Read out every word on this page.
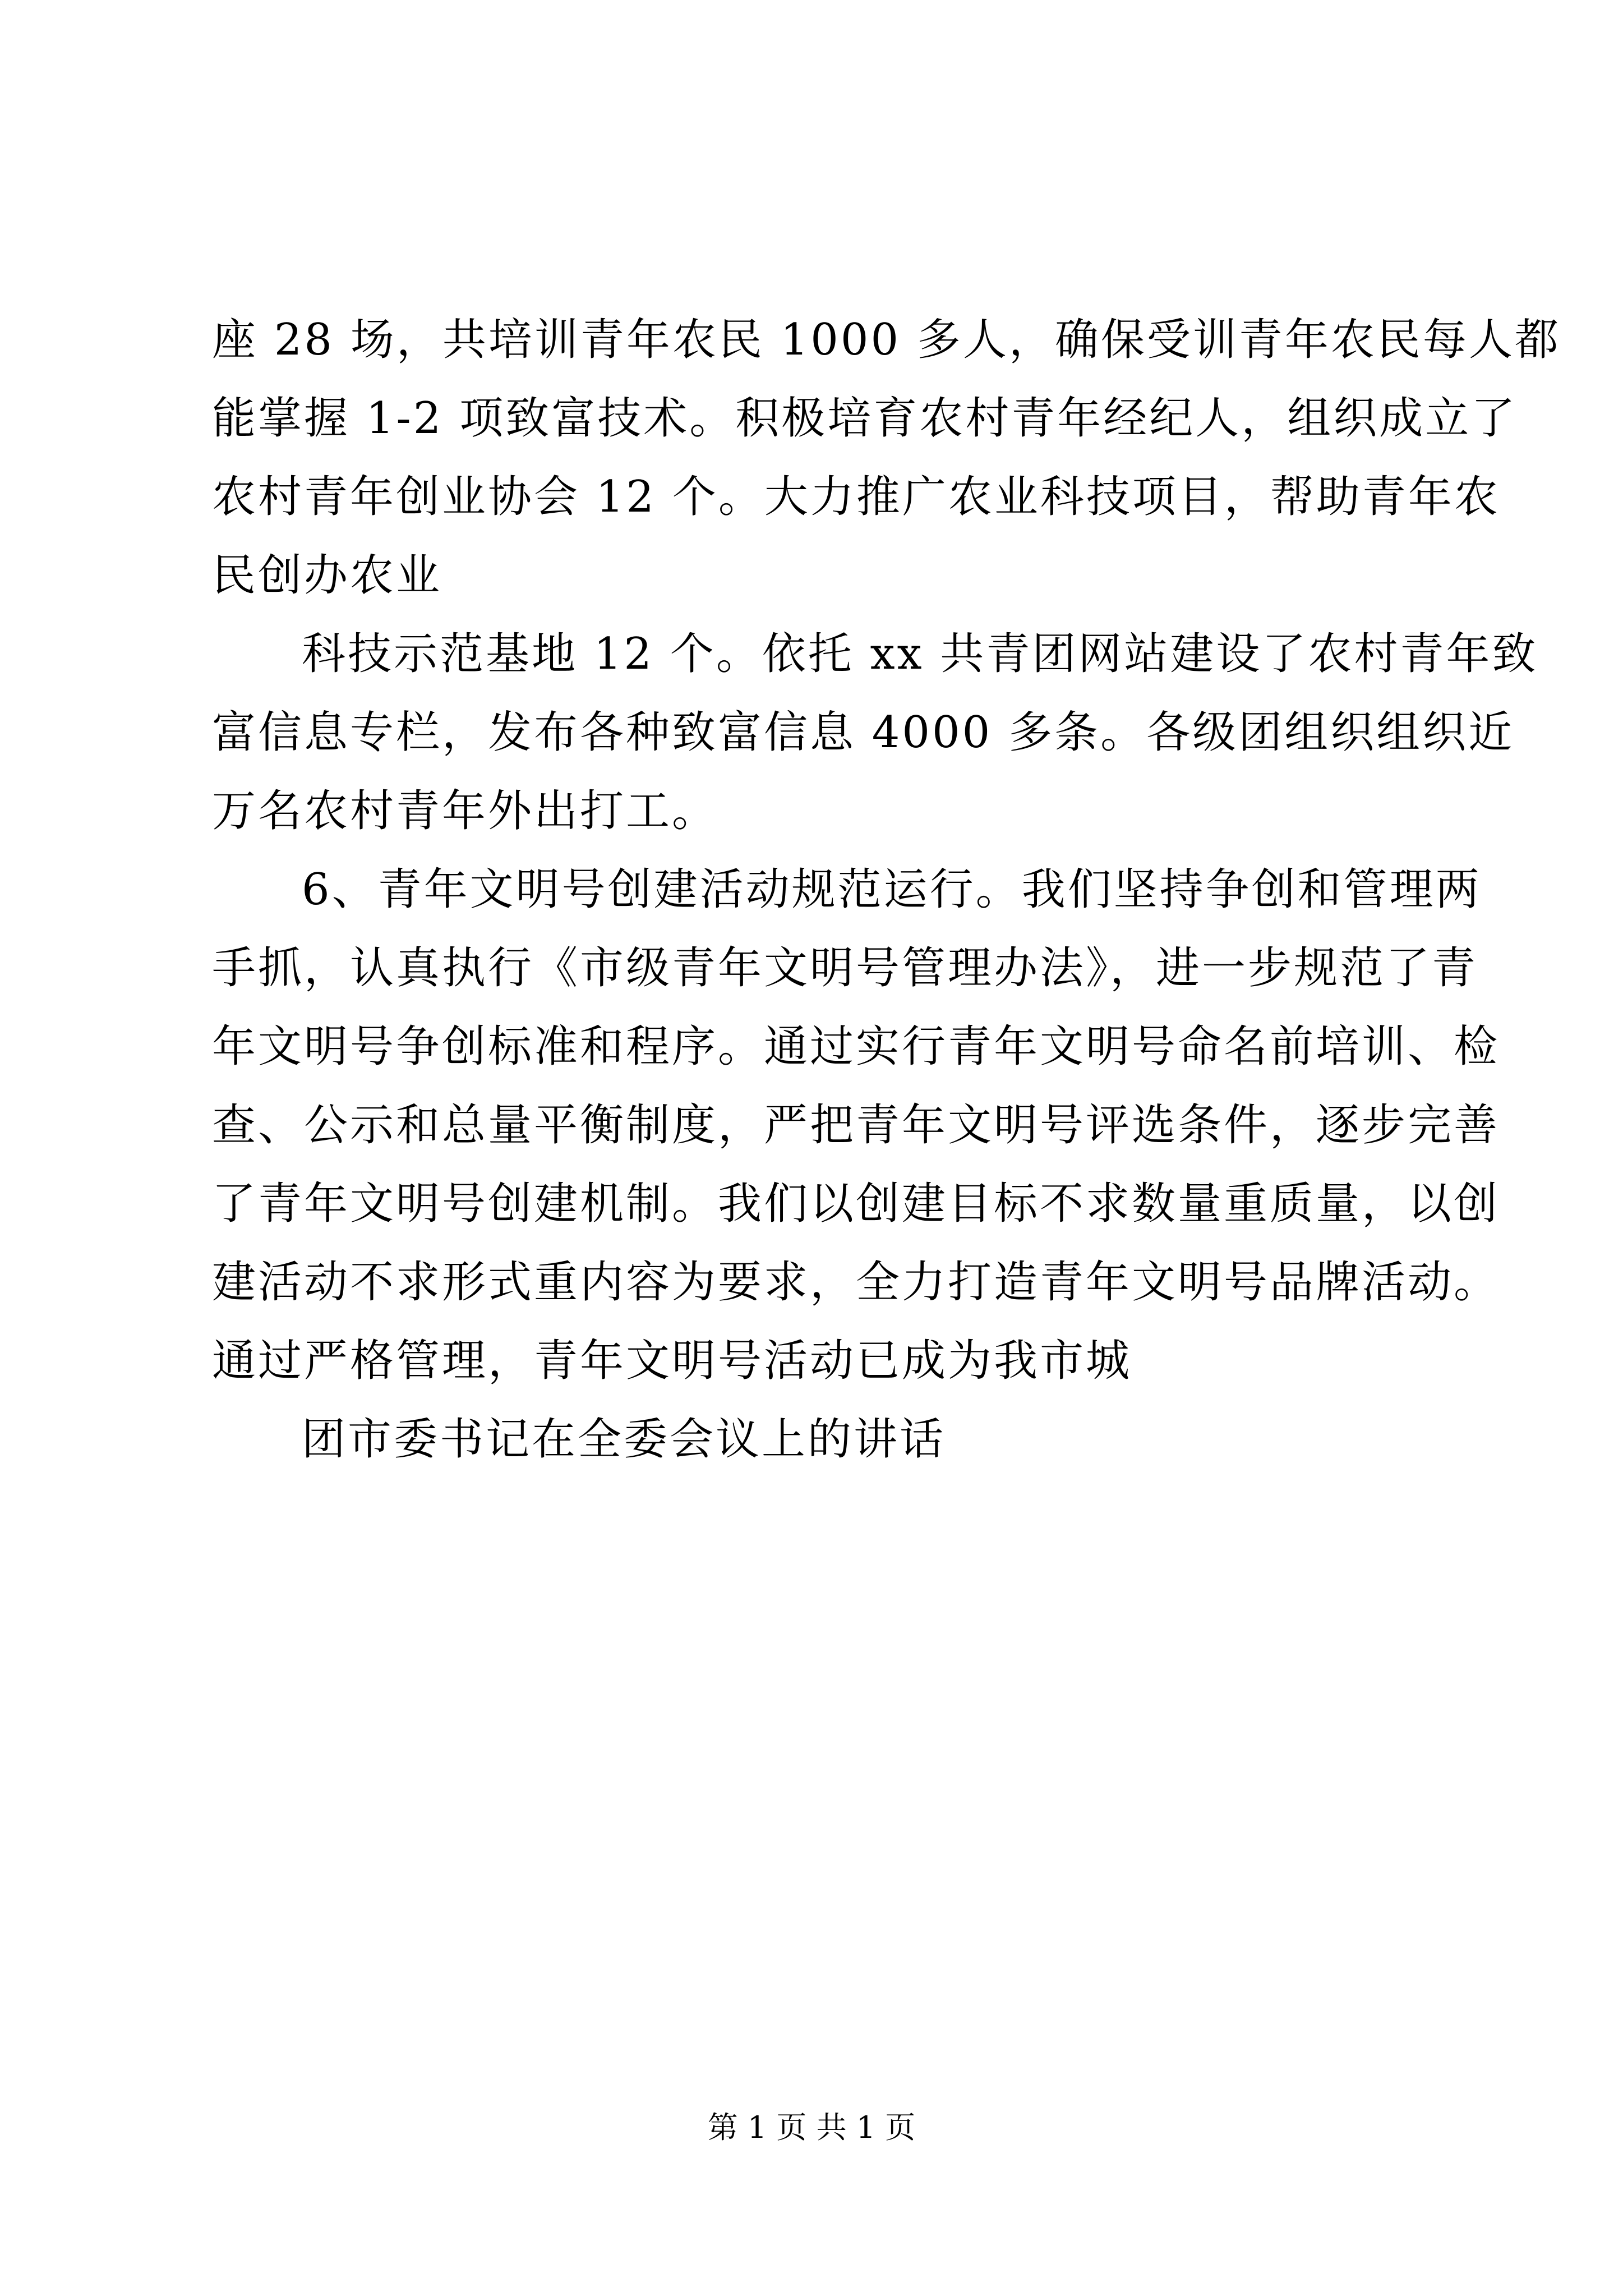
座 28 场，共培训青年农民 1000 多人，确保受训青年农民每人都
能掌握 1-2 项致富技术。积极培育农村青年经纪人，组织成立了
农村青年创业协会 12 个。大力推广农业科技项目，帮助青年农
民创办农业
科技示范基地 12 个。依托 xx 共青团网站建设了农村青年致
富信息专栏，发布各种致富信息 4000 多条。各级团组织组织近
万名农村青年外出打工。
6、青年文明号创建活动规范运行。我们坚持争创和管理两
手抓，认真执行《市级青年文明号管理办法》，进一步规范了青
年文明号争创标准和程序。通过实行青年文明号命名前培训、检
查、公示和总量平衡制度，严把青年文明号评选条件，逐步完善
了青年文明号创建机制。我们以创建目标不求数量重质量，以创
建活动不求形式重内容为要求，全力打造青年文明号品牌活动。
通过严格管理，青年文明号活动已成为我市城
团市委书记在全委会议上的讲话
第 1 页 共 1 页
